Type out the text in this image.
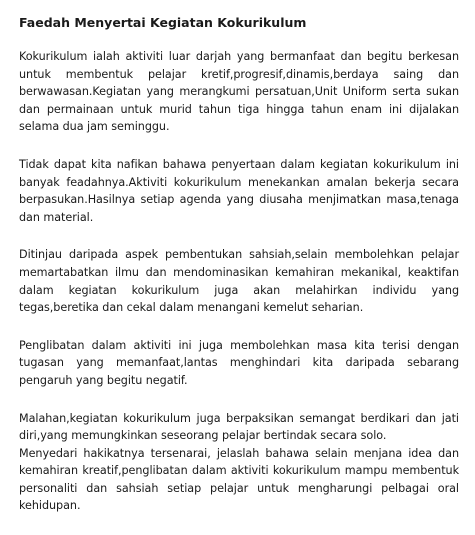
Faedah Menyertai Kegiatan Kokurikulum

Kokurikulum ialah aktiviti luar darjah yang bermanfaat dan begitu berkesan untuk membentuk pelajar kretif,progresif,dinamis,berdaya saing dan berwawasan.Kegiatan yang merangkumi persatuan,Unit Uniform serta sukan dan permainaan untuk murid tahun tiga hingga tahun enam ini dijalakan selama dua jam seminggu.

Tidak dapat kita nafikan bahawa penyertaan dalam kegiatan kokurikulum ini banyak feadahnya.Aktiviti kokurikulum menekankan amalan bekerja secara berpasukan.Hasilnya setiap agenda yang diusaha menjimatkan masa,tenaga dan material.

Ditinjau daripada aspek pembentukan sahsiah,selain membolehkan pelajar memartabatkan ilmu dan mendominasikan kemahiran mekanikal, keaktifan dalam kegiatan kokurikulum juga akan melahirkan individu yang tegas,beretika dan cekal dalam menangani kemelut seharian.

Penglibatan dalam aktiviti ini juga membolehkan masa kita terisi dengan tugasan yang memanfaat,lantas menghindari kita daripada sebarang pengaruh yang begitu negatif.

Malahan,kegiatan kokurikulum juga berpaksikan semangat berdikari dan jati diri,yang memungkinkan seseorang pelajar bertindak secara solo.

Menyedari hakikatnya tersenarai, jelaslah bahawa selain menjana idea dan kemahiran kreatif,penglibatan dalam aktiviti kokurikulum mampu membentuk personaliti dan sahsiah setiap pelajar untuk mengharungi pelbagai oral kehidupan.
